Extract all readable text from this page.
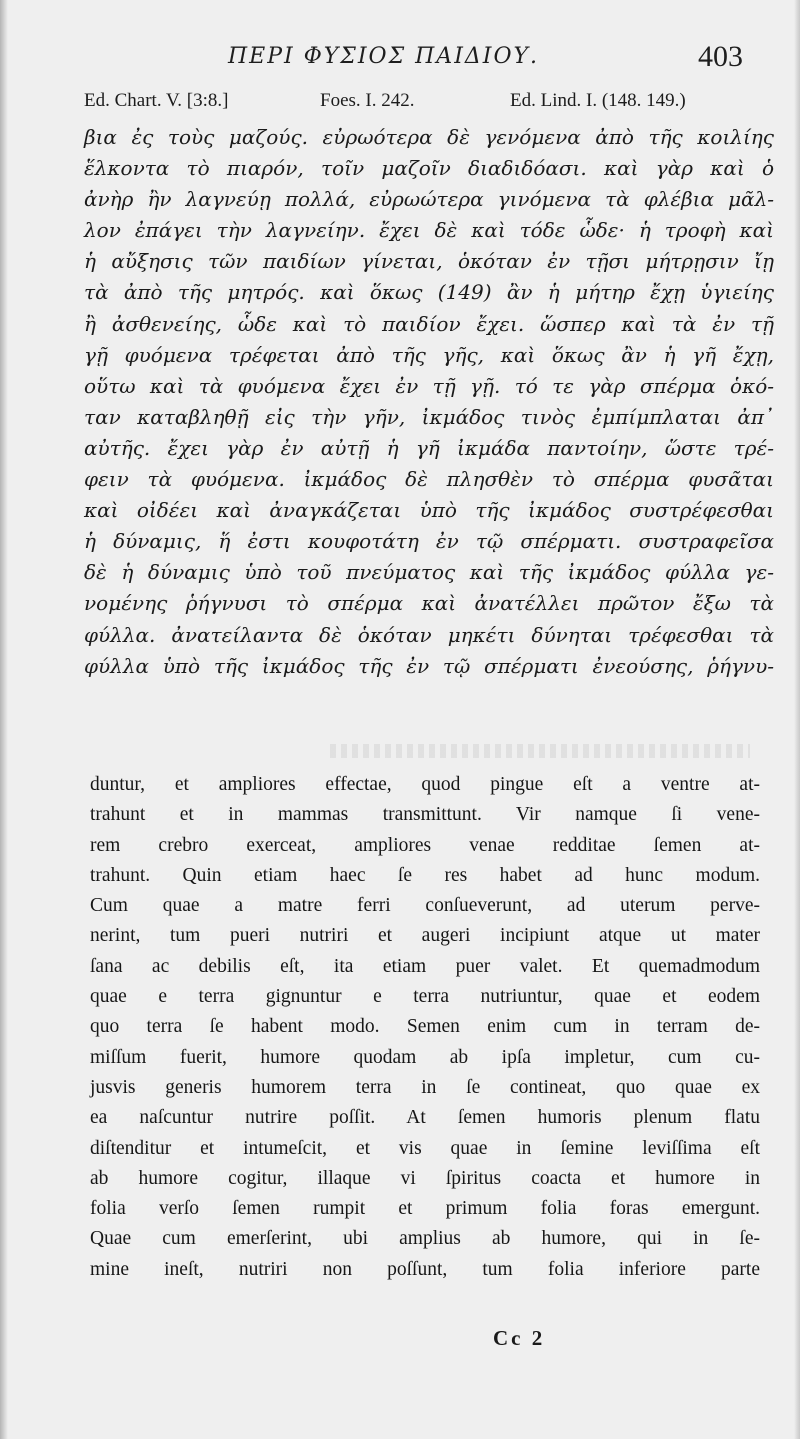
ΠΕΡΙ ΦΥΣΙΟΣ ΠΑΙΔΙΟΥ.	403
Ed. Chart. V. [3:8.]	Foes. I. 242.	Ed. Lind. I. (148. 149.)
βια ἐς τοὺς μαζούς. εὐρωότερα δὲ γενόμενα ἀπὸ τῆς κοιλίης
ἕλκοντα τὸ πιαρόν, τοῖν μαζοῖν διαδιδόασι. καὶ γὰρ καὶ ὁ
ἀνὴρ ἢν λαγνεύῃ πολλά, εὐρωώτερα γινόμενα τὰ φλέβια μᾶλ-
λον ἐπάγει τὴν λαγνείην. ἔχει δὲ καὶ τόδε ὧδε· ἡ τροφὴ καὶ
ἡ αὔξησις τῶν παιδίων γίνεται, ὁκόταν ἐν τῇσι μήτρῃσιν ἴῃ
τὰ ἀπὸ τῆς μητρός. καὶ ὅκως (149) ἂν ἡ μήτηρ ἔχῃ ὑγιείης
ἢ ἀσθενείης, ὧδε καὶ τὸ παιδίον ἔχει. ὥσπερ καὶ τὰ ἐν τῇ
γῇ φυόμενα τρέφεται ἀπὸ τῆς γῆς, καὶ ὅκως ἂν ἡ γῆ ἔχῃ,
οὕτω καὶ τὰ φυόμενα ἔχει ἐν τῇ γῇ. τό τε γὰρ σπέρμα ὁκό-
ταν καταβληθῇ εἰς τὴν γῆν, ἰκμάδος τινὸς ἐμπίμπλαται ἀπ᾽
αὐτῆς. ἔχει γὰρ ἐν αὐτῇ ἡ γῆ ἰκμάδα παντοίην, ὥστε τρέ-
φειν τὰ φυόμενα. ἰκμάδος δὲ πλησθὲν τὸ σπέρμα φυσᾶται
καὶ οἰδέει καὶ ἀναγκάζεται ὑπὸ τῆς ἰκμάδος συστρέφεσθαι
ἡ δύναμις, ἥ ἐστι κουφοτάτη ἐν τῷ σπέρματι. συστραφεῖσα
δὲ ἡ δύναμις ὑπὸ τοῦ πνεύματος καὶ τῆς ἰκμάδος φύλλα γε-
νομένης ῥήγνυσι τὸ σπέρμα καὶ ἀνατέλλει πρῶτον ἔξω τὰ
φύλλα. ἀνατείλαντα δὲ ὁκόταν μηκέτι δύνηται τρέφεσθαι τὰ
φύλλα ὑπὸ τῆς ἰκμάδος τῆς ἐν τῷ σπέρματι ἐνεούσης, ῥήγνυ-
duntur, et ampliores effectae, quod pingue eſt a ventre at-
trahunt et in mammas transmittunt. Vir namque ſi vene-
rem crebro exerceat, ampliores venae redditae ſemen at-
trahunt. Quin etiam haec ſe res habet ad hunc modum.
Cum quae a matre ferri conſueverunt, ad uterum perve-
nerint, tum pueri nutriri et augeri incipiunt atque ut mater
ſana ac debilis eſt, ita etiam puer valet. Et quemadmodum
quae e terra gignuntur e terra nutriuntur, quae et eodem
quo terra ſe habent modo. Semen enim cum in terram de-
miſſum fuerit, humore quodam ab ipſa impletur, cum cu-
jusvis generis humorem terra in ſe contineat, quo quae ex
ea naſcuntur nutrire poſſit. At ſemen humoris plenum flatu
diſtenditur et intumeſcit, et vis quae in ſemine leviſſima eſt
ab humore cogitur, illaque vi ſpiritus coacta et humore in
folia verſo ſemen rumpit et primum folia foras emergunt.
Quae cum emerſerint, ubi amplius ab humore, qui in ſe-
mine ineſt, nutriri non poſſunt, tum folia inferiore parte
Cc 2
